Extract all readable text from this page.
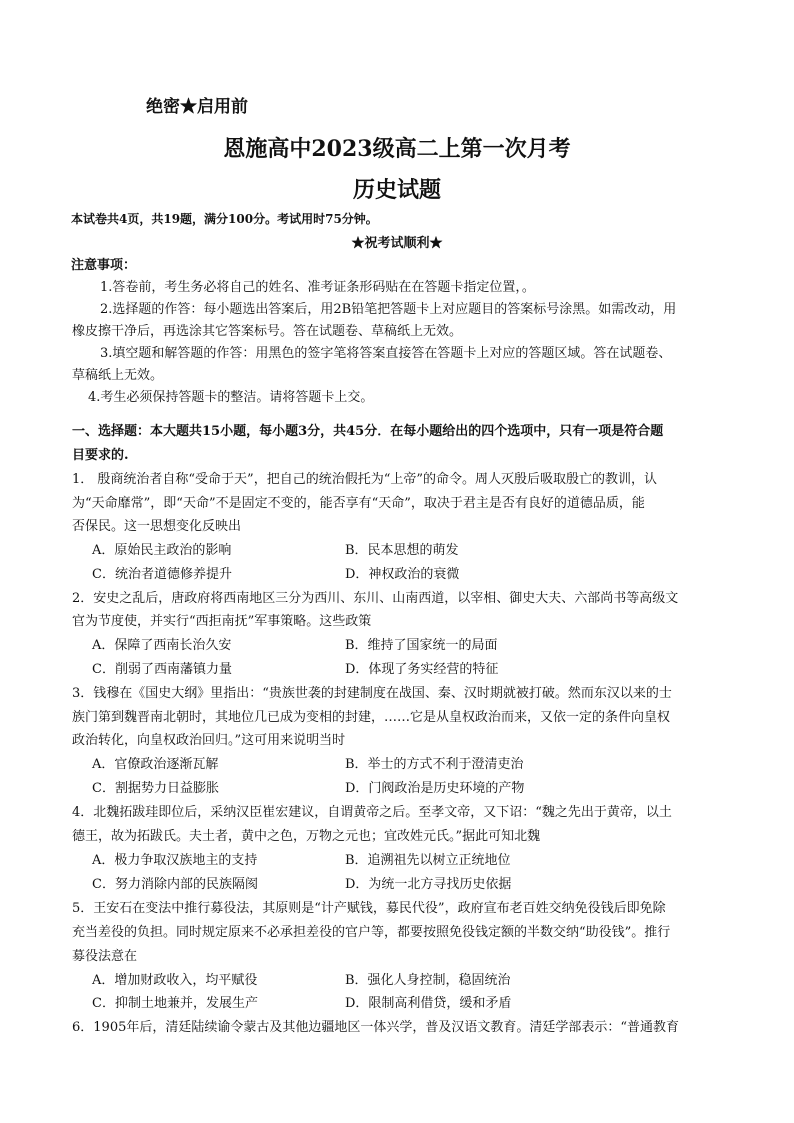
绝密★启用前
恩施高中2023级高二上第一次月考
历史试题
本试卷共4页，共19题，满分100分。考试用时75分钟。
★祝考试顺利★
注意事项：
1.答卷前，考生务必将自己的姓名、准考证条形码贴在在答题卡指定位置，。
2.选择题的作答：每小题选出答案后，用2B铅笔把答题卡上对应题目的答案标号涂黑。如需改动，用
橡皮擦干净后，再选涂其它答案标号。答在试题卷、草稿纸上无效。
3.填空题和解答题的作答：用黑色的签字笔将答案直接答在答题卡上对应的答题区域。答在试题卷、
草稿纸上无效。
4.考生必须保持答题卡的整洁。请将答题卡上交。
一、选择题：本大题共15小题，每小题3分，共45分．在每小题给出的四个选项中，只有一项是符合题
目要求的.
1． 殷商统治者自称“受命于天”，把自己的统治假托为“上帝”的命令。周人灭殷后吸取殷亡的教训，认
为“天命靡常”，即“天命”不是固定不变的，能否享有“天命”，取决于君主是否有良好的道德品质，能
否保民。这一思想变化反映出
A．原始民主政治的影响	B．民本思想的萌发
C．统治者道德修养提升	D．神权政治的衰微
2．安史之乱后，唐政府将西南地区三分为西川、东川、山南西道，以宰相、御史大夫、六部尚书等高级文
官为节度使，并实行“西拒南抚”军事策略。这些政策
A．保障了西南长治久安	B．维持了国家统一的局面
C．削弱了西南藩镇力量	D．体现了务实经营的特征
3．钱穆在《国史大纲》里指出：“贵族世袭的封建制度在战国、秦、汉时期就被打破。然而东汉以来的士
族门第到魏晋南北朝时，其地位几已成为变相的封建，……它是从皇权政治而来，又依一定的条件向皇权
政治转化，向皇权政治回归。”这可用来说明当时
A．官僚政治逐渐瓦解	B．举士的方式不利于澄清吏治
C．割据势力日益膨胀	D．门阀政治是历史环境的产物
4．北魏拓跋珪即位后，采纳汉臣崔宏建议，自谓黄帝之后。至孝文帝，又下诏：“魏之先出于黄帝，以土
德王，故为拓跋氏。夫土者，黄中之色，万物之元也；宜改姓元氏。”据此可知北魏
A．极力争取汉族地主的支持	B．追溯祖先以树立正统地位
C．努力消除内部的民族隔阂	D．为统一北方寻找历史依据
5．王安石在变法中推行募役法，其原则是“计产赋钱，募民代役”，政府宣布老百姓交纳免役钱后即免除
充当差役的负担。同时规定原来不必承担差役的官户等，都要按照免役钱定额的半数交纳“助役钱”。推行
募役法意在
A．增加财政收入，均平赋役	B．强化人身控制，稳固统治
C．抑制土地兼并，发展生产	D．限制高利借贷，缓和矛盾
6．1905年后，清廷陆续谕令蒙古及其他边疆地区一体兴学，普及汉语文教育。清廷学部表示：“普通教育
